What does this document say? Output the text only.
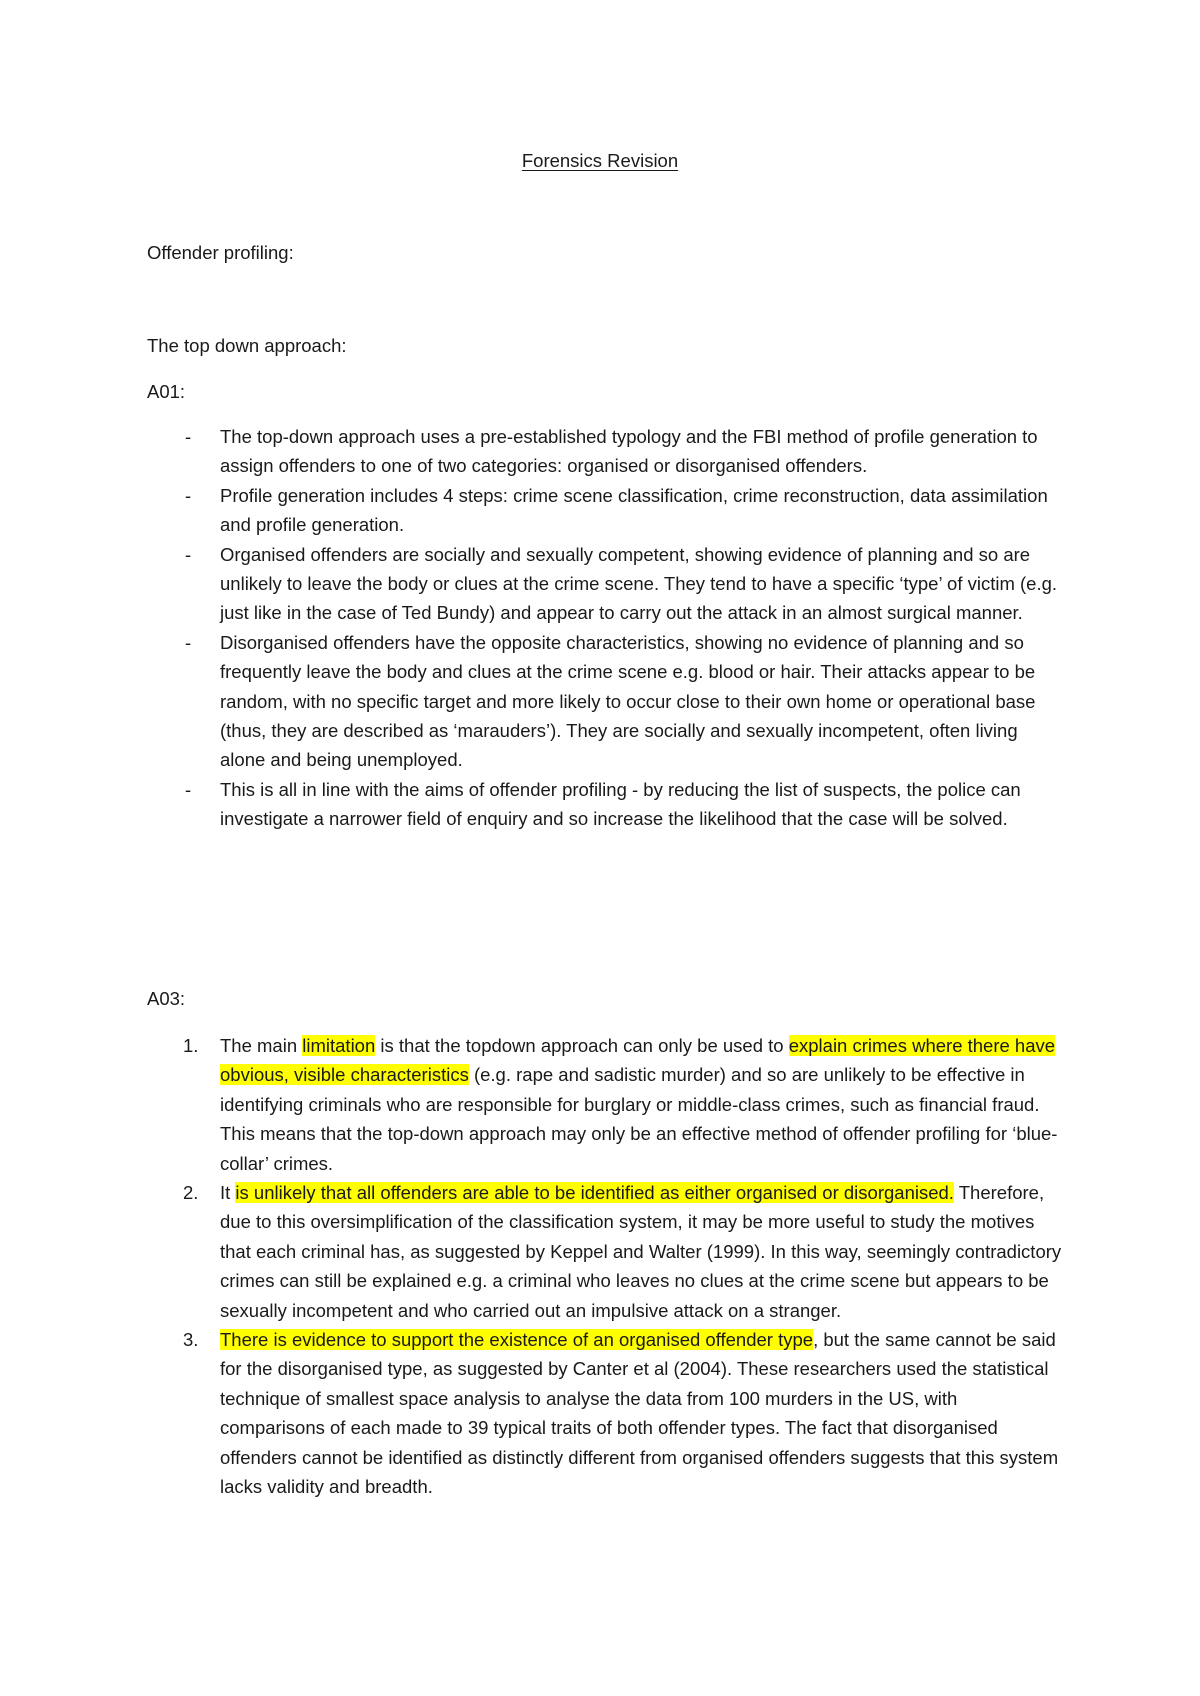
Forensics Revision

Offender profiling:

The top down approach:

A01:

- The top-down approach uses a pre-established typology and the FBI method of profile generation to assign offenders to one of two categories: organised or disorganised offenders.
- Profile generation includes 4 steps: crime scene classification, crime reconstruction, data assimilation and profile generation.
- Organised offenders are socially and sexually competent, showing evidence of planning and so are unlikely to leave the body or clues at the crime scene. They tend to have a specific ‘type’ of victim (e.g. just like in the case of Ted Bundy) and appear to carry out the attack in an almost surgical manner.
- Disorganised offenders have the opposite characteristics, showing no evidence of planning and so frequently leave the body and clues at the crime scene e.g. blood or hair. Their attacks appear to be random, with no specific target and more likely to occur close to their own home or operational base (thus, they are described as ‘marauders’). They are socially and sexually incompetent, often living alone and being unemployed.
- This is all in line with the aims of offender profiling - by reducing the list of suspects, the police can investigate a narrower field of enquiry and so increase the likelihood that the case will be solved.

A03:

1. The main limitation is that the topdown approach can only be used to explain crimes where there have obvious, visible characteristics (e.g. rape and sadistic murder) and so are unlikely to be effective in identifying criminals who are responsible for burglary or middle-class crimes, such as financial fraud. This means that the top-down approach may only be an effective method of offender profiling for ‘blue-collar’ crimes.
2. It is unlikely that all offenders are able to be identified as either organised or disorganised. Therefore, due to this oversimplification of the classification system, it may be more useful to study the motives that each criminal has, as suggested by Keppel and Walter (1999). In this way, seemingly contradictory crimes can still be explained e.g. a criminal who leaves no clues at the crime scene but appears to be sexually incompetent and who carried out an impulsive attack on a stranger.
3. There is evidence to support the existence of an organised offender type, but the same cannot be said for the disorganised type, as suggested by Canter et al (2004). These researchers used the statistical technique of smallest space analysis to analyse the data from 100 murders in the US, with comparisons of each made to 39 typical traits of both offender types. The fact that disorganised offenders cannot be identified as distinctly different from organised offenders suggests that this system lacks validity and breadth.
